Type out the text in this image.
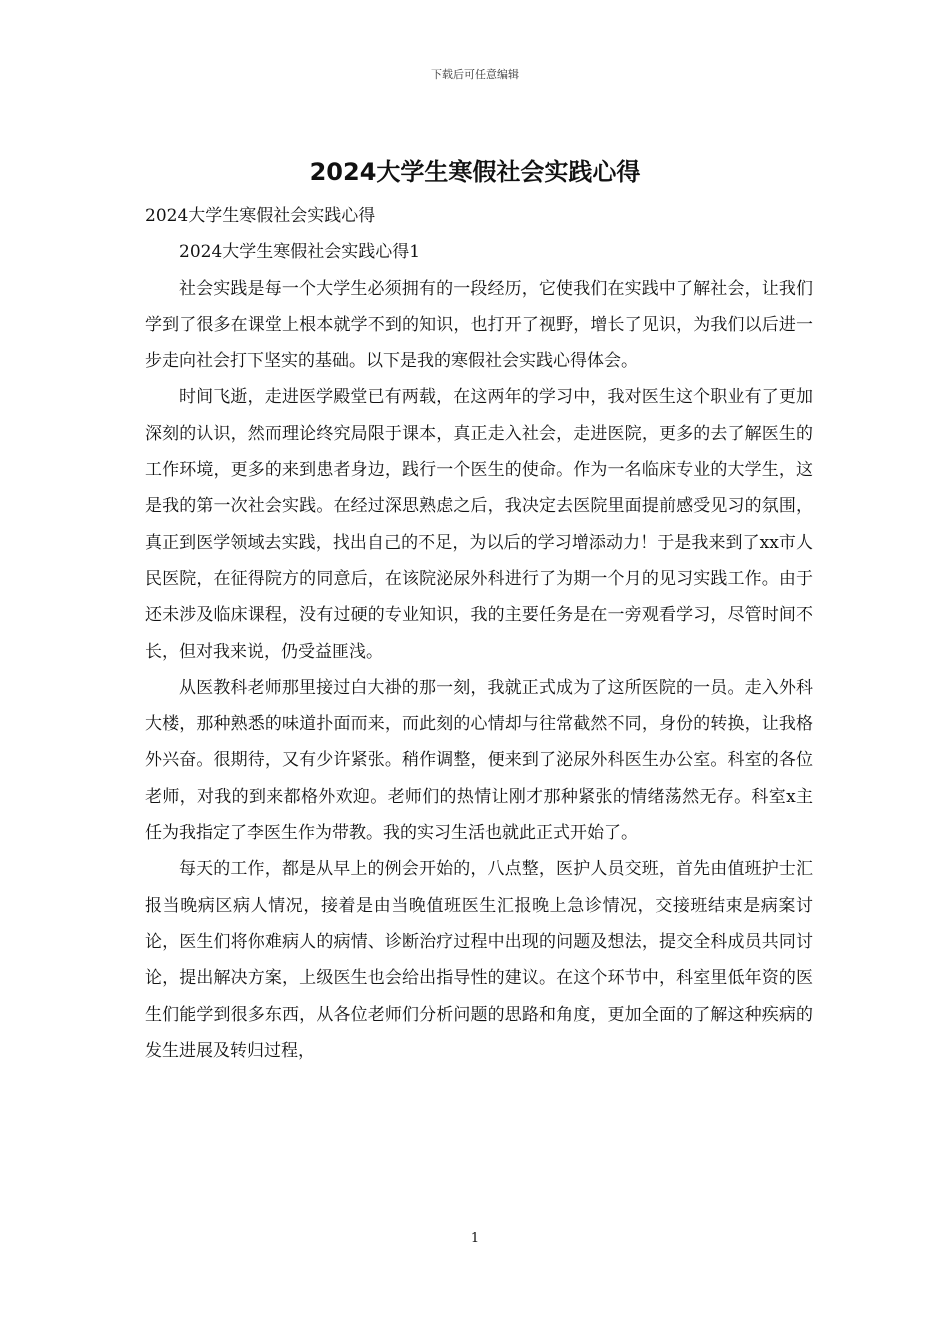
下载后可任意编辑
2024大学生寒假社会实践心得

2024大学生寒假社会实践心得

2024大学生寒假社会实践心得1

社会实践是每一个大学生必须拥有的一段经历，它使我们在实践中了解社会，让我们学到了很多在课堂上根本就学不到的知识，也打开了视野，增长了见识，为我们以后进一步走向社会打下坚实的基础。以下是我的寒假社会实践心得体会。

时间飞逝，走进医学殿堂已有两载，在这两年的学习中，我对医生这个职业有了更加深刻的认识，然而理论终究局限于课本，真正走入社会，走进医院，更多的去了解医生的工作环境，更多的来到患者身边，践行一个医生的使命。作为一名临床专业的大学生，这是我的第一次社会实践。在经过深思熟虑之后，我决定去医院里面提前感受见习的氛围，真正到医学领域去实践，找出自己的不足，为以后的学习增添动力！于是我来到了xx市人民医院，在征得院方的同意后，在该院泌尿外科进行了为期一个月的见习实践工作。由于还未涉及临床课程，没有过硬的专业知识，我的主要任务是在一旁观看学习，尽管时间不长，但对我来说，仍受益匪浅。

从医教科老师那里接过白大褂的那一刻，我就正式成为了这所医院的一员。走入外科大楼，那种熟悉的味道扑面而来，而此刻的心情却与往常截然不同，身份的转换，让我格外兴奋。很期待，又有少许紧张。稍作调整，便来到了泌尿外科医生办公室。科室的各位老师，对我的到来都格外欢迎。老师们的热情让刚才那种紧张的情绪荡然无存。科室x主任为我指定了李医生作为带教。我的实习生活也就此正式开始了。

每天的工作，都是从早上的例会开始的，八点整，医护人员交班，首先由值班护士汇报当晚病区病人情况，接着是由当晚值班医生汇报晚上急诊情况，交接班结束是病案讨论，医生们将你难病人的病情、诊断治疗过程中出现的问题及想法，提交全科成员共同讨论，提出解决方案，上级医生也会给出指导性的建议。在这个环节中，科室里低年资的医生们能学到很多东西，从各位老师们分析问题的思路和角度，更加全面的了解这种疾病的发生进展及转归过程，

1
